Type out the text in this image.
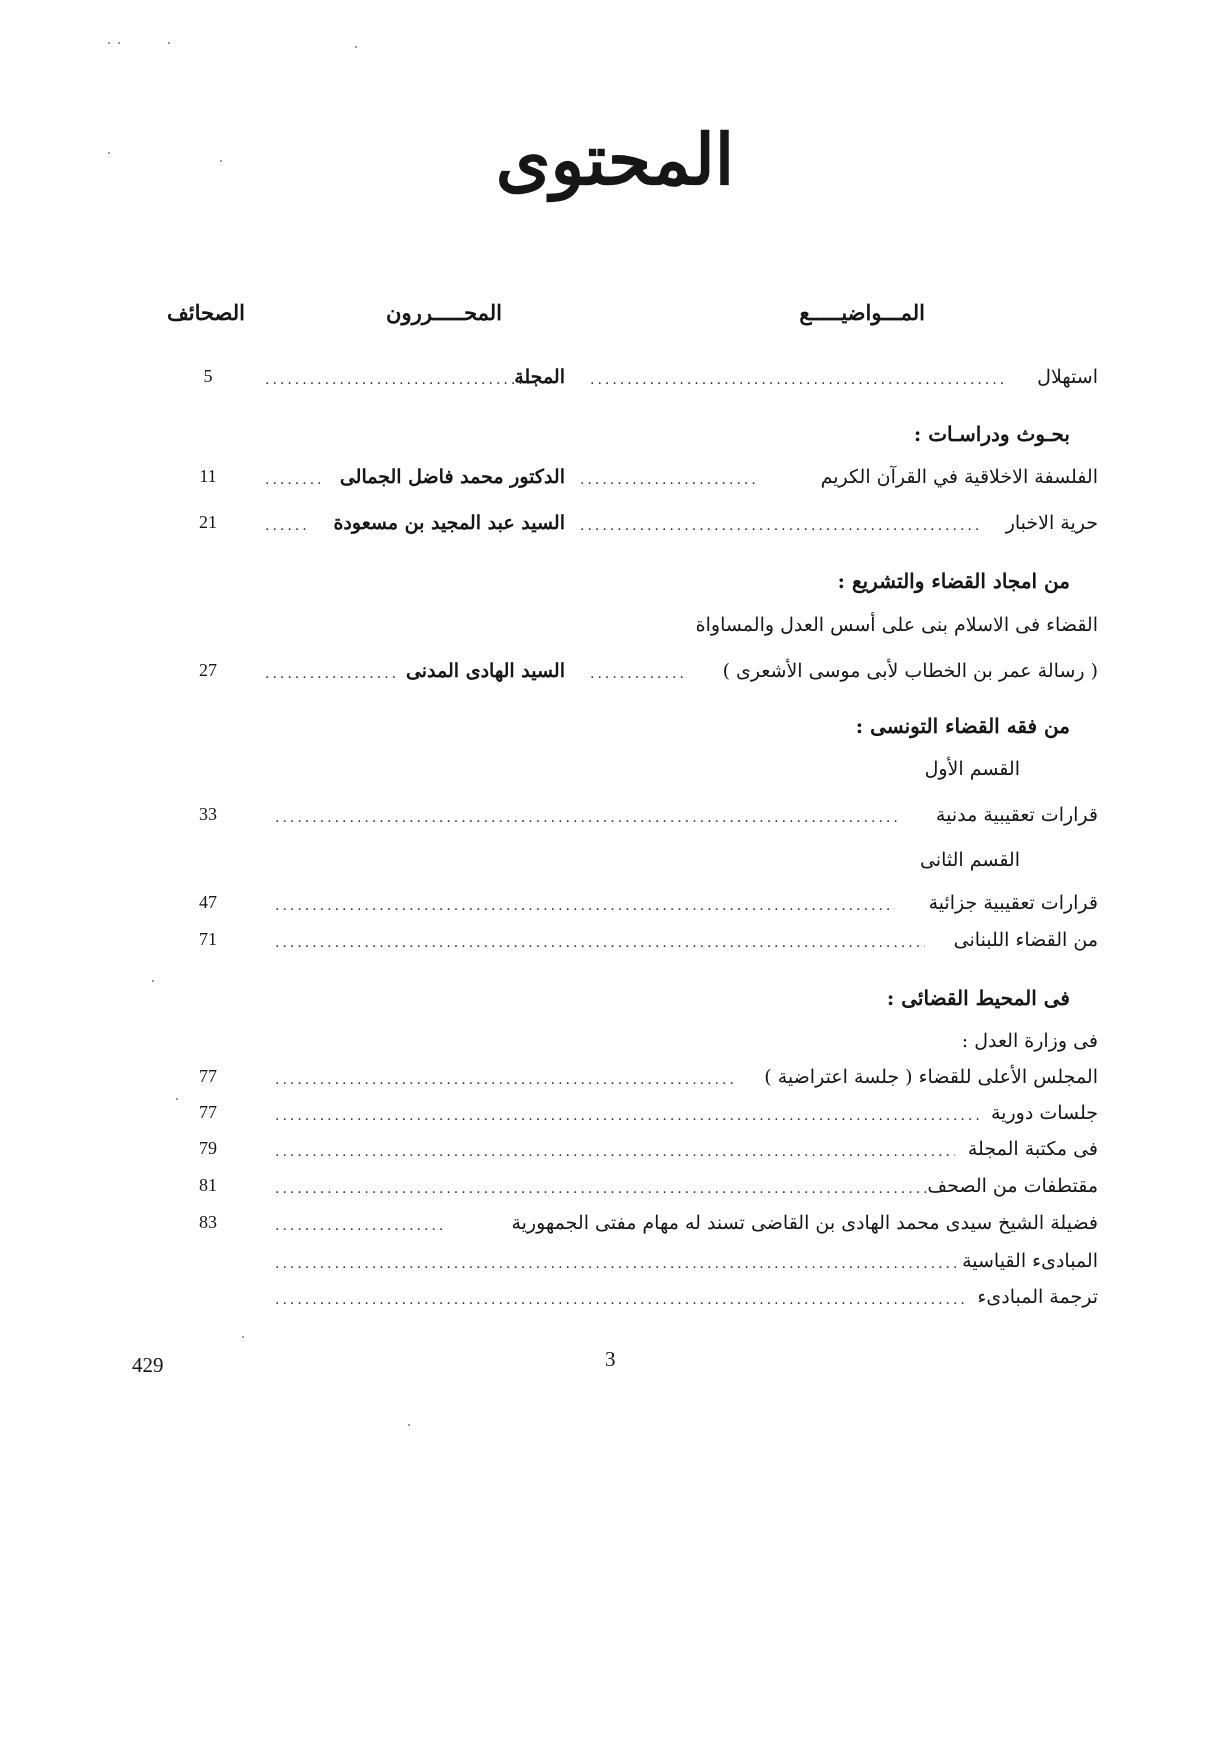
المحتوى
المـــواضيـــــع
المحـــــررون
الصحائف
استهلال
.....
المجلة
.....
5
بحـوث ودراسـات :
الفلسفة الاخلاقية في القرآن الكريم
.....
الدكتور محمد فاضل الجمالى
.....
11
حرية الاخبار
.....
السيد عبد المجيد بن مسعودة
.....
21
من امجاد القضاء والتشريع :
القضاء فى الاسلام بنى على أسس العدل والمساواة
( رسالة عمر بن الخطاب لأبى موسى الأشعرى )
.....
السيد الهادى المدنى
.....
27
من فقه القضاء التونسى :
القسم الأول
قرارات تعقيبية مدنية
.....
33
القسم الثانى
قرارات تعقيبية جزائية
.....
47
من القضاء اللبنانى
.....
71
فى المحيط القضائى :
فى وزارة العدل :
المجلس الأعلى للقضاء ( جلسة اعتراضية )
.....
77
جلسات دورية
.....
77
فى مكتبة المجلة
.....
79
مقتطفات من الصحف
.....
81
فضيلة الشيخ سيدى محمد الهادى بن القاضى تسند له مهام مفتى الجمهورية
.....
83
المبادىء القياسية
.....
ترجمة المبادىء
.....
429	3
